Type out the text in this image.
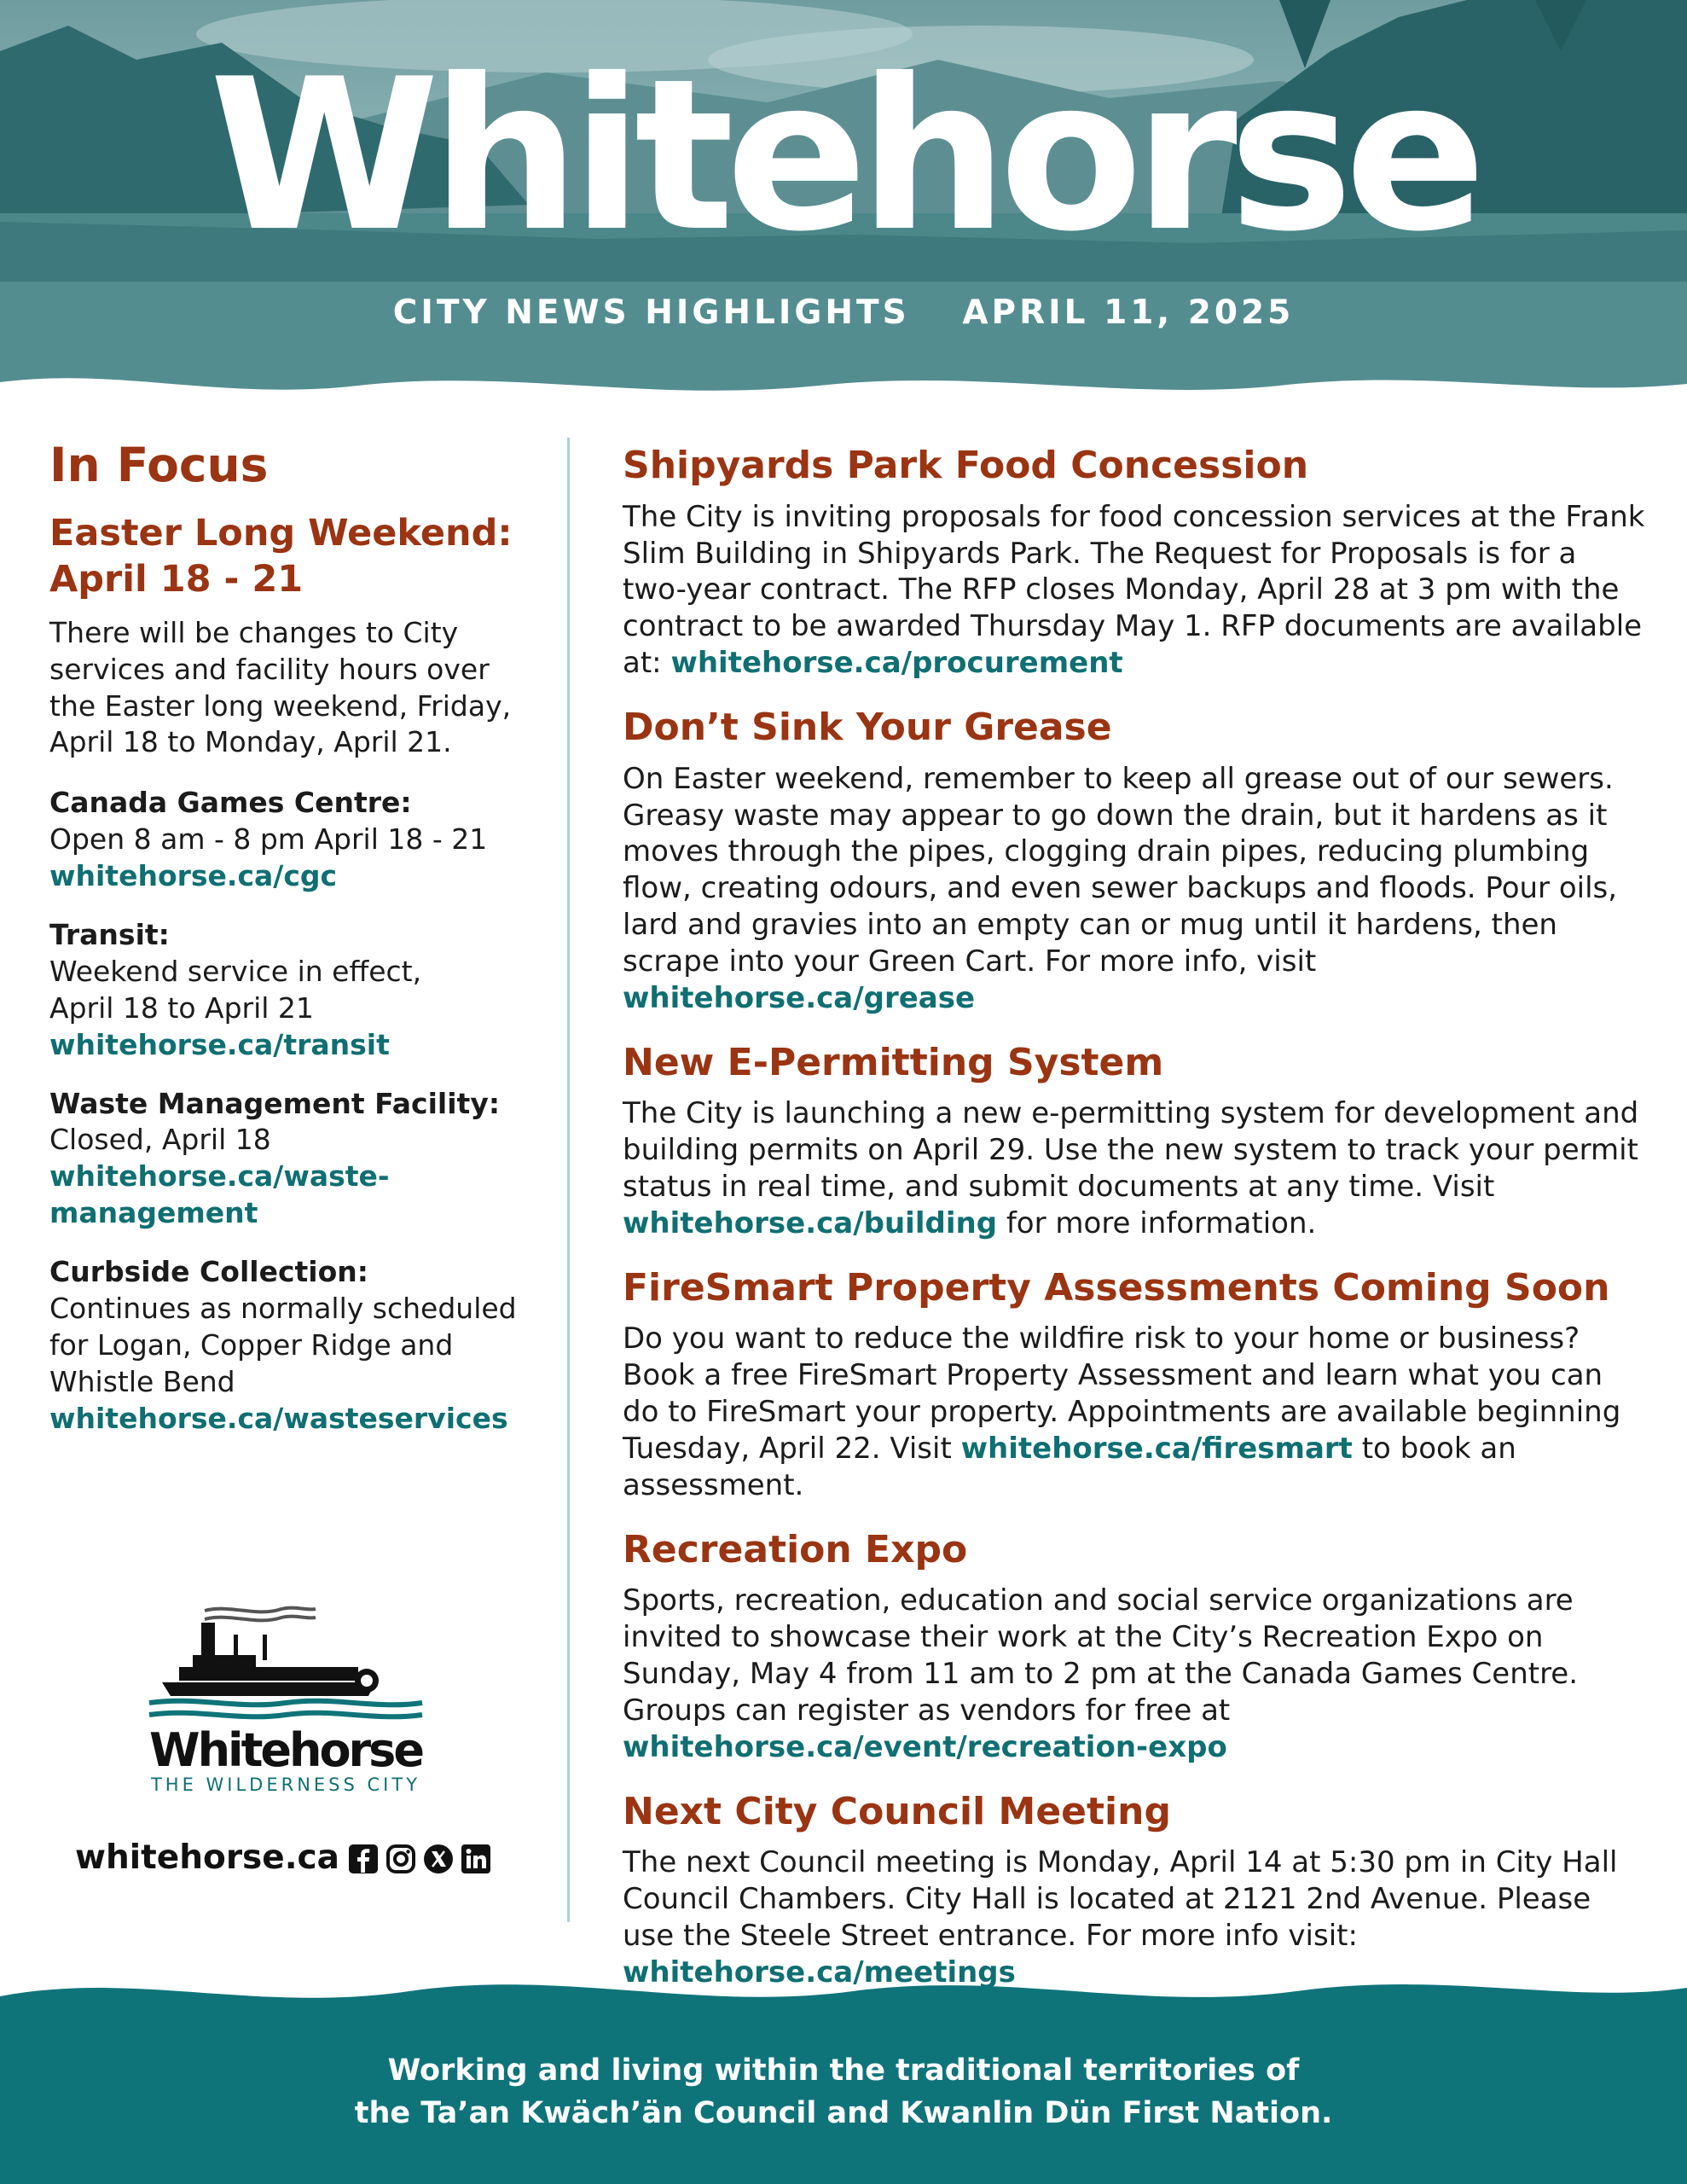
Whitehorse
CITY NEWS HIGHLIGHTS APRIL 11, 2025
In Focus
Easter Long Weekend:
April 18 - 21

There will be changes to City services and facility hours over the Easter long weekend, Friday, April 18 to Monday, April 21.

Canada Games Centre:
Open 8 am - 8 pm April 18 - 21
whitehorse.ca/cgc

Transit:
Weekend service in effect, April 18 to April 21
whitehorse.ca/transit

Waste Management Facility:
Closed, April 18
whitehorse.ca/waste-management

Curbside Collection:
Continues as normally scheduled for Logan, Copper Ridge and Whistle Bend
whitehorse.ca/wasteservices

Whitehorse
THE WILDERNESS CITY
whitehorse.ca
Shipyards Park Food Concession

The City is inviting proposals for food concession services at the Frank Slim Building in Shipyards Park. The Request for Proposals is for a two-year contract. The RFP closes Monday, April 28 at 3 pm with the contract to be awarded Thursday May 1. RFP documents are available at: whitehorse.ca/procurement

Don’t Sink Your Grease

On Easter weekend, remember to keep all grease out of our sewers. Greasy waste may appear to go down the drain, but it hardens as it moves through the pipes, clogging drain pipes, reducing plumbing flow, creating odours, and even sewer backups and floods. Pour oils, lard and gravies into an empty can or mug until it hardens, then scrape into your Green Cart. For more info, visit whitehorse.ca/grease

New E-Permitting System

The City is launching a new e-permitting system for development and building permits on April 29. Use the new system to track your permit status in real time, and submit documents at any time. Visit whitehorse.ca/building for more information.

FireSmart Property Assessments Coming Soon

Do you want to reduce the wildfire risk to your home or business? Book a free FireSmart Property Assessment and learn what you can do to FireSmart your property. Appointments are available beginning Tuesday, April 22. Visit whitehorse.ca/firesmart to book an assessment.

Recreation Expo

Sports, recreation, education and social service organizations are invited to showcase their work at the City’s Recreation Expo on Sunday, May 4 from 11 am to 2 pm at the Canada Games Centre. Groups can register as vendors for free at whitehorse.ca/event/recreation-expo

Next City Council Meeting

The next Council meeting is Monday, April 14 at 5:30 pm in City Hall Council Chambers. City Hall is located at 2121 2nd Avenue. Please use the Steele Street entrance. For more info visit: whitehorse.ca/meetings

Working and living within the traditional territories of
the Ta’an Kwäch’än Council and Kwanlin Dün First Nation.
